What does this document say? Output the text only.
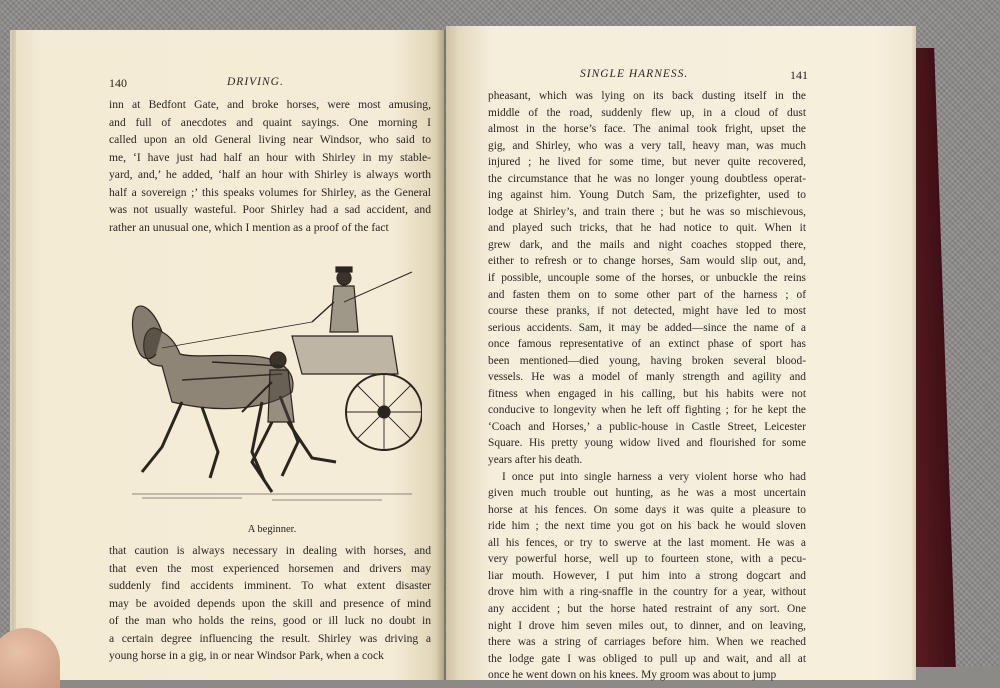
140	DRIVING.
inn at Bedfont Gate, and broke horses, were most amusing,
and full of anecdotes and quaint sayings. One morning I
called upon an old General living near Windsor, who said to
me, ‘I have just had half an hour with Shirley in my stable-
yard, and,’ he added, ‘half an hour with Shirley is always worth
half a sovereign ;’ this speaks volumes for Shirley, as the General
was not usually wasteful. Poor Shirley had a sad accident, and
rather an unusual one, which I mention as a proof of the fact
A beginner.
that caution is always necessary in dealing with horses, and
that even the most experienced horsemen and drivers may
suddenly find accidents imminent. To what extent disaster
may be avoided depends upon the skill and presence of mind
of the man who holds the reins, good or ill luck no doubt in
a certain degree influencing the result. Shirley was driving a
young horse in a gig, in or near Windsor Park, when a cock
SINGLE HARNESS.	141
pheasant, which was lying on its back dusting itself in the
middle of the road, suddenly flew up, in a cloud of dust
almost in the horse’s face. The animal took fright, upset the
gig, and Shirley, who was a very tall, heavy man, was much
injured ; he lived for some time, but never quite recovered,
the circumstance that he was no longer young doubtless operat-
ing against him. Young Dutch Sam, the prizefighter, used to
lodge at Shirley’s, and train there ; but he was so mischievous,
and played such tricks, that he had notice to quit. When it
grew dark, and the mails and night coaches stopped there,
either to refresh or to change horses, Sam would slip out, and,
if possible, uncouple some of the horses, or unbuckle the reins
and fasten them on to some other part of the harness ; of
course these pranks, if not detected, might have led to most
serious accidents. Sam, it may be added—since the name of a
once famous representative of an extinct phase of sport has
been mentioned—died young, having broken several blood-
vessels. He was a model of manly strength and agility and
fitness when engaged in his calling, but his habits were not
conducive to longevity when he left off fighting ; for he kept the
‘Coach and Horses,’ a public-house in Castle Street, Leicester
Square. His pretty young widow lived and flourished for some
years after his death.
I once put into single harness a very violent horse who had
given much trouble out hunting, as he was a most uncertain
horse at his fences. On some days it was quite a pleasure to
ride him ; the next time you got on his back he would sloven
all his fences, or try to swerve at the last moment. He was a
very powerful horse, well up to fourteen stone, with a pecu-
liar mouth. However, I put him into a strong dogcart and
drove him with a ring-snaffle in the country for a year, without
any accident ; but the horse hated restraint of any sort. One
night I drove him seven miles out, to dinner, and on leaving,
there was a string of carriages before him. When we reached
the lodge gate I was obliged to pull up and wait, and all at
once he went down on his knees. My groom was about to jump
